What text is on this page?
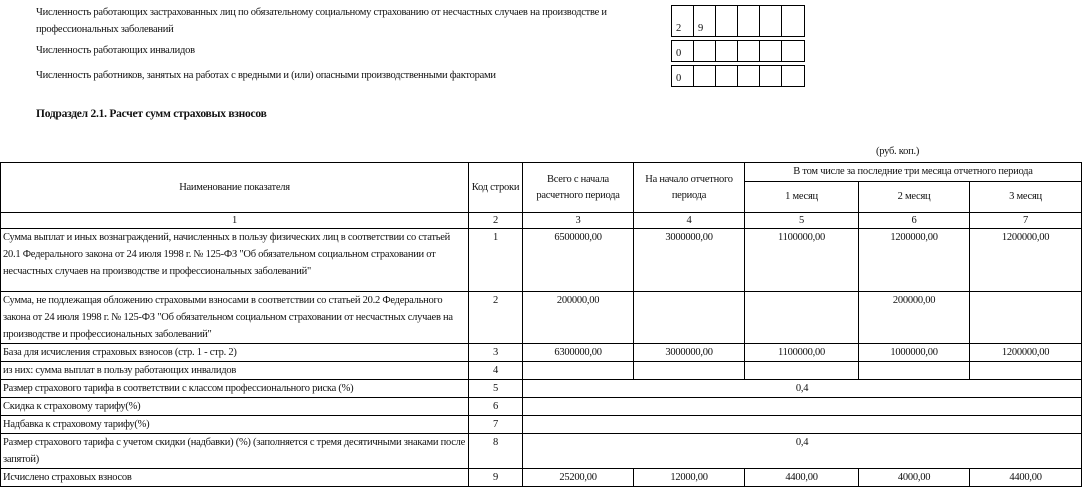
Численность работающих застрахованных лиц по обязательному социальному страхованию от несчастных случаев на производстве и профессиональных заболеваний	2	9
Численность работающих инвалидов	0
Численность работников, занятых на работах с вредными и (или) опасными производственными факторами	0
Подраздел 2.1. Расчет сумм страховых взносов
(руб. коп.)
Наименование показателя	Код строки	Всего с начала расчетного периода	На начало отчетного периода	В том числе за последние три месяца отчетного периода		
				1 месяц	2 месяц	3 месяц
1	2	3	4	5	6	7
Сумма выплат и иных вознаграждений, начисленных в пользу физических лиц в соответствии со статьей 20.1 Федерального закона от 24 июля 1998 г. № 125-ФЗ "Об обязательном социальном страховании от несчастных случаев на производстве и профессиональных заболеваний"	1	6500000,00	3000000,00	1100000,00	1200000,00	1200000,00
Сумма, не подлежащая обложению страховыми взносами в соответствии со статьей 20.2 Федерального закона от 24 июля 1998 г. № 125-ФЗ "Об обязательном социальном страховании от несчастных случаев на производстве и профессиональных заболеваний"	2	200000,00			200000,00	
База для исчисления страховых взносов (стр. 1 - стр. 2)	3	6300000,00	3000000,00	1100000,00	1000000,00	1200000,00
из них: сумма выплат в пользу работающих инвалидов	4					
Размер страхового тарифа в соответствии с классом профессионального риска (%)	5	0,4				
Скидка к страховому тарифу(%)	6					
Надбавка к страховому тарифу(%)	7					
Размер страхового тарифа с учетом скидки (надбавки) (%) (заполняется с тремя десятичными знаками после запятой)	8	0,4				
Исчислено страховых взносов	9	25200,00	12000,00	4400,00	4000,00	4400,00
